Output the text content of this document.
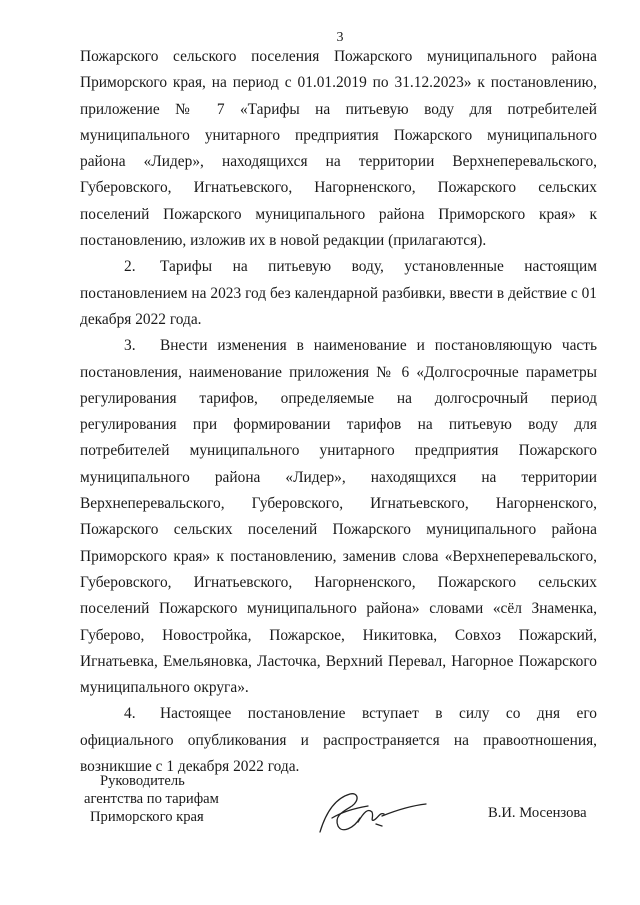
3

Пожарского сельского поселения Пожарского муниципального района Приморского края, на период с 01.01.2019 по 31.12.2023» к постановлению, приложение № 7 «Тарифы на питьевую воду для потребителей муниципального унитарного предприятия Пожарского муниципального района «Лидер», находящихся на территории Верхнеперевальского, Губеровского, Игнатьевского, Нагорненского, Пожарского сельских поселений Пожарского муниципального района Приморского края» к постановлению, изложив их в новой редакции (прилагаются).

2. Тарифы на питьевую воду, установленные настоящим постановлением на 2023 год без календарной разбивки, ввести в действие с 01 декабря 2022 года.

3. Внести изменения в наименование и постановляющую часть постановления, наименование приложения № 6 «Долгосрочные параметры регулирования тарифов, определяемые на долгосрочный период регулирования при формировании тарифов на питьевую воду для потребителей муниципального унитарного предприятия Пожарского муниципального района «Лидер», находящихся на территории Верхнеперевальского, Губеровского, Игнатьевского, Нагорненского, Пожарского сельских поселений Пожарского муниципального района Приморского края» к постановлению, заменив слова «Верхнеперевальского, Губеровского, Игнатьевского, Нагорненского, Пожарского сельских поселений Пожарского муниципального района» словами «сёл Знаменка, Губерово, Новостройка, Пожарское, Никитовка, Совхоз Пожарский, Игнатьевка, Емельяновка, Ласточка, Верхний Перевал, Нагорное Пожарского муниципального округа».

4. Настоящее постановление вступает в силу со дня его официального опубликования и распространяется на правоотношения, возникшие с 1 декабря 2022 года.

Руководитель
агентства по тарифам
Приморского края	В.И. Мосензова
